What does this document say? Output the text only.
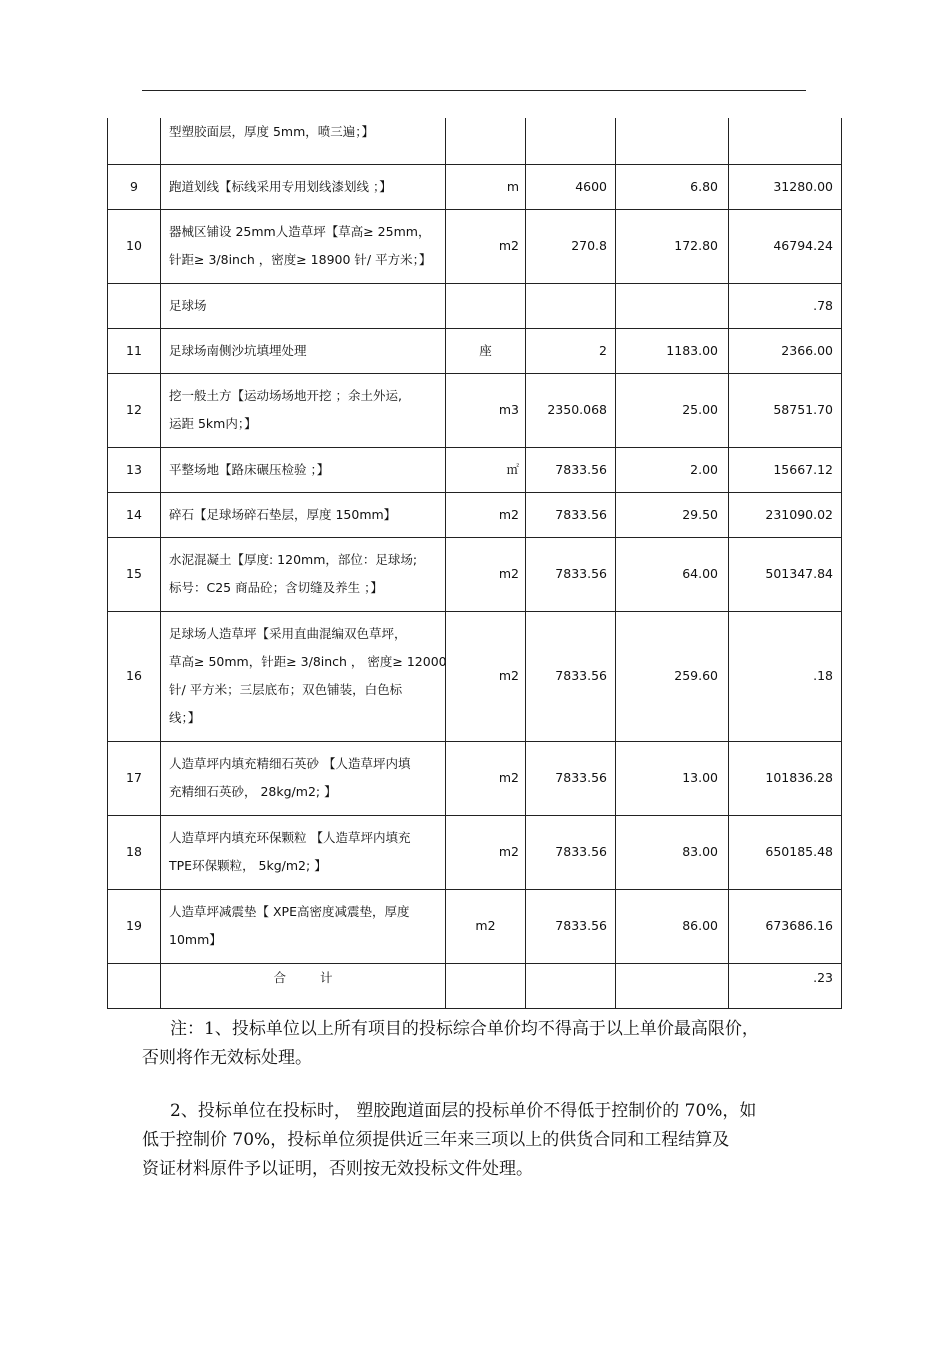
	型塑胶面层，厚度 5mm，喷三遍；】				

9	跑道划线【标线采用专用划线漆划线 ；】	m	4600	6.80	31280.00
10	器械区铺设 25mm人造草坪【草高≥ 25mm，
针距≥ 3/8inch ，密度≥ 18900 针/ 平方米；】	m2	270.8	172.80	46794.24

	足球场				.78
11	足球场南侧沙坑填埋处理	座	2	1183.00	2366.00
12	挖一般土方【运动场场地开挖 ；余土外运,
运距 5km内；】	m3	2350.068	25.00	58751.70
13	平整场地【路床碾压检验 ；】	㎡	7833.56	2.00	15667.12
14	碎石【足球场碎石垫层，厚度 150mm】	m2	7833.56	29.50	231090.02
15	水泥混凝土【厚度: 120mm，部位：足球场;
标号：C25 商品砼；含切缝及养生 ；】	m2	7833.56	64.00	501347.84
16	足球场人造草坪【采用直曲混编双色草坪，
草高≥ 50mm，针距≥ 3/8inch ， 密度≥ 12000
针/ 平方米；三层底布；双色铺装，白色标
线；】	m2	7833.56	259.60	.18
17	人造草坪内填充精细石英砂 【人造草坪内填
充精细石英砂， 28kg/m2; 】	m2	7833.56	13.00	101836.28
18	人造草坪内填充环保颗粒 【人造草坪内填充
TPE环保颗粒， 5kg/m2; 】	m2	7833.56	83.00	650185.48
19	人造草坪减震垫【 XPE高密度减震垫，厚度
10mm】	m2	7833.56	86.00	673686.16
	合 计				.23
注：1、投标单位以上所有项目的投标综合单价均不得高于以上单价最高限价，
否则将作无效标处理。
2、投标单位在投标时， 塑胶跑道面层的投标单价不得低于控制价的 70%，如
低于控制价 70%，投标单位须提供近三年来三项以上的供货合同和工程结算及
资证材料原件予以证明，否则按无效投标文件处理。
